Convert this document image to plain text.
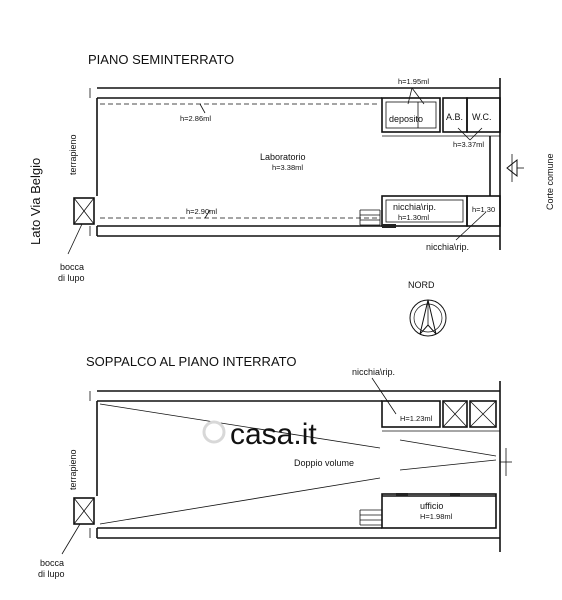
PIANO SEMINTERRATO
h=2.86ml
h=2.90ml
h=1.95ml
deposito	A.B. W.C.
h=3.37ml
Laboratorio
h=3.38ml
nicchia\rip.
h=1.30ml
h=1.30
nicchia\rip.
bocca
di lupo
terrapieno	Corte comune
Lato Via Belgio
NORD
SOPPALCO AL PIANO INTERRATO
nicchia\rip.
H=1.23ml
Doppio volume
ufficio
H=1.98ml
bocca
di lupo
terrapieno
casa.it
